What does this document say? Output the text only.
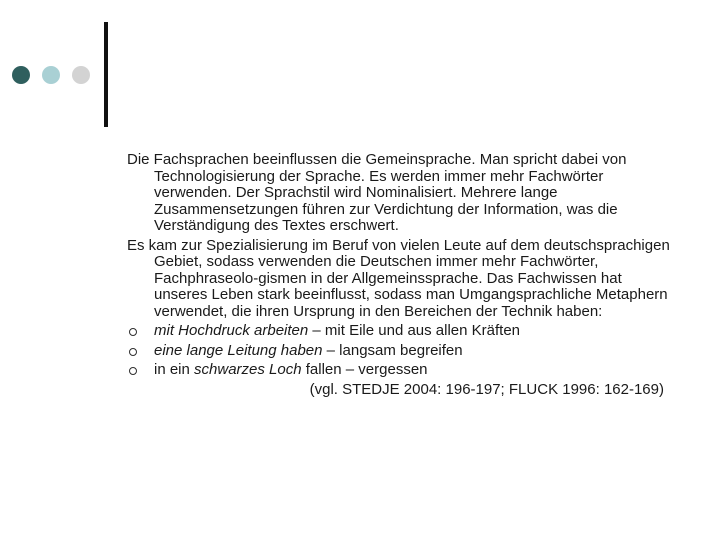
Die Fachsprachen beeinflussen die Gemeinsprache. Man spricht dabei von Technologisierung der Sprache. Es werden immer mehr Fachwörter verwenden. Der Sprachstil wird Nominalisiert. Mehrere lange Zusammensetzungen führen zur Verdichtung der Information, was die Verständigung des Textes erschwert.

Es kam zur Spezialisierung im Beruf von vielen Leute auf dem deutschsprachigen Gebiet, sodass verwenden die Deutschen immer mehr Fachwörter, Fachphraseolo-gismen in der Allgemeinssprache. Das Fachwissen hat unseres Leben stark beeinflusst, sodass man Umgangsprachliche Metaphern verwendet, die ihren Ursprung in den Bereichen der Technik haben:

mit Hochdruck arbeiten – mit Eile und aus allen Kräften
eine lange Leitung haben – langsam begreifen
in ein schwarzes Loch fallen – vergessen
(vgl. STEDJE 2004: 196-197; FLUCK 1996: 162-169)
